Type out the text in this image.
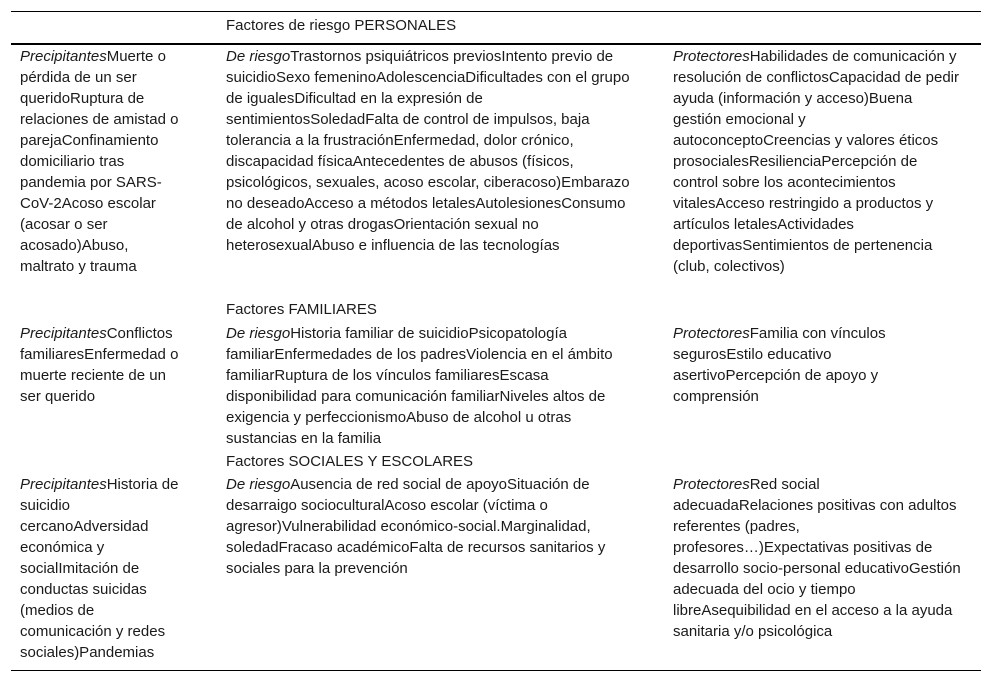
Factores de riesgo PERSONALES

PrecipitantesMuerte o pérdida de un ser queridoRuptura de relaciones de amistad o parejaConfinamiento domiciliario tras pandemia por SARS-CoV-2Acoso escolar (acosar o ser acosado)Abuso, maltrato y trauma

De riesgoTrastornos psiquiátricos previosIntento previo de suicidioSexo femeninoAdolescenciaDificultades con el grupo de igualesDificultad en la expresión de sentimientosSoledadFalta de control de impulsos, baja tolerancia a la frustraciónEnfermedad, dolor crónico, discapacidad físicaAntecedentes de abusos (físicos, psicológicos, sexuales, acoso escolar, ciberacoso)Embarazo no deseadoAcceso a métodos letalesAutolesionesConsumo de alcohol y otras drogasOrientación sexual no heterosexualAbuso e influencia de las tecnologías

ProtectoresHabilidades de comunicación y resolución de conflictosCapacidad de pedir ayuda (información y acceso)Buena gestión emocional y autoconceptoCreencias y valores éticos prosocialesResilienciaPercepción de control sobre los acontecimientos vitalesAcceso restringido a productos y artículos letalesActividades deportivasSentimientos de pertenencia (club, colectivos)

Factores FAMILIARES

PrecipitantesConflictos familiaresEnfermedad o muerte reciente de un ser querido

De riesgoHistoria familiar de suicidioPsicopatología familiarEnfermedades de los padresViolencia en el ámbito familiarRuptura de los vínculos familiaresEscasa disponibilidad para comunicación familiarNiveles altos de exigencia y perfeccionismoAbuso de alcohol u otras sustancias en la familia

ProtectoresFamilia con vínculos segurosEstilo educativo asertivoPercepción de apoyo y comprensión

Factores SOCIALES Y ESCOLARES

PrecipitantesHistoria de suicidio cercanoAdversidad económica y socialImitación de conductas suicidas (medios de comunicación y redes sociales)Pandemias

De riesgoAusencia de red social de apoyoSituación de desarraigo socioculturalAcoso escolar (víctima o agresor)Vulnerabilidad económico-social.Marginalidad, soledadFracaso académicoFalta de recursos sanitarios y sociales para la prevención

ProtectoresRed social adecuadaRelaciones positivas con adultos referentes (padres, profesores…)Expectativas positivas de desarrollo socio-personal educativoGestión adecuada del ocio y tiempo libreAsequibilidad en el acceso a la ayuda sanitaria y/o psicológica
